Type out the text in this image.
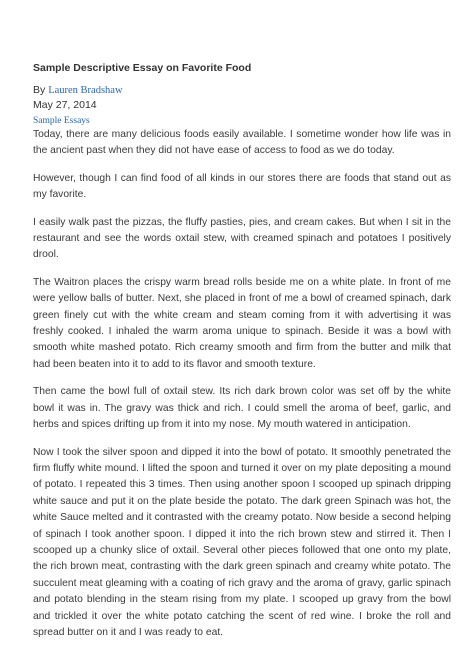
Sample Descriptive Essay on Favorite Food
By Lauren Bradshaw
May 27, 2014
Sample Essays

Today, there are many delicious foods easily available. I sometime wonder how life was in the ancient past when they did not have ease of access to food as we do today.

However, though I can find food of all kinds in our stores there are foods that stand out as my favorite.

I easily walk past the pizzas, the fluffy pasties, pies, and cream cakes. But when I sit in the restaurant and see the words oxtail stew, with creamed spinach and potatoes I positively drool.

The Waitron places the crispy warm bread rolls beside me on a white plate. In front of me were yellow balls of butter. Next, she placed in front of me a bowl of creamed spinach, dark green finely cut with the white cream and steam coming from it with advertising it was freshly cooked. I inhaled the warm aroma unique to spinach. Beside it was a bowl with smooth white mashed potato. Rich creamy smooth and firm from the butter and milk that had been beaten into it to add to its flavor and smooth texture.

Then came the bowl full of oxtail stew. Its rich dark brown color was set off by the white bowl it was in. The gravy was thick and rich. I could smell the aroma of beef, garlic, and herbs and spices drifting up from it into my nose. My mouth watered in anticipation.

Now I took the silver spoon and dipped it into the bowl of potato. It smoothly penetrated the firm fluffy white mound. I lifted the spoon and turned it over on my plate depositing a mound of potato. I repeated this 3 times. Then using another spoon I scooped up spinach dripping white sauce and put it on the plate beside the potato. The dark green Spinach was hot, the white Sauce melted and it contrasted with the creamy potato. Now beside a second helping of spinach I took another spoon. I dipped it into the rich brown stew and stirred it. Then I scooped up a chunky slice of oxtail. Several other pieces followed that one onto my plate, the rich brown meat, contrasting with the dark green spinach and creamy white potato. The succulent meat gleaming with a coating of rich gravy and the aroma of gravy, garlic spinach and potato blending in the steam rising from my plate. I scooped up gravy from the bowl and trickled it over the white potato catching the scent of red wine. I broke the roll and spread butter on it and I was ready to eat.
